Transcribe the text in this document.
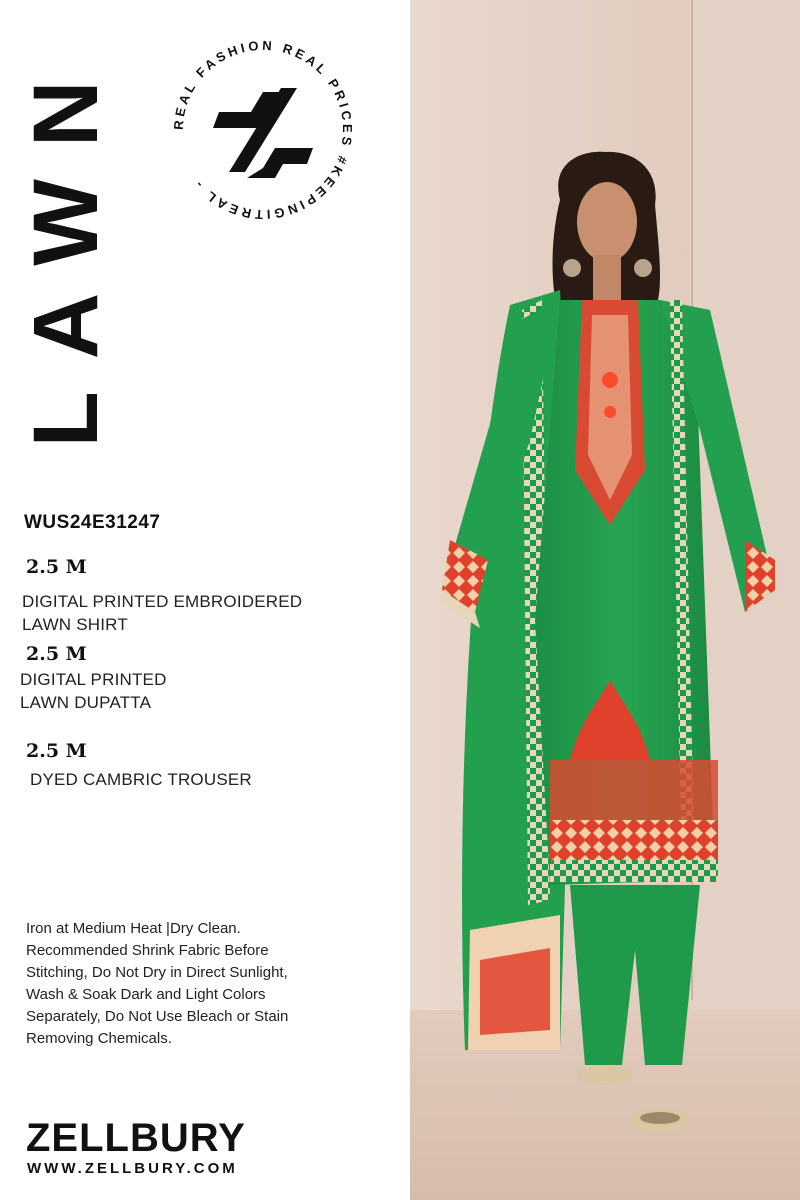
LAWN	REAL FASHION REAL PRICES #KEEPINGITREAL -
WUS24E31247
2.5 M
DIGITAL PRINTED EMBROIDERED
LAWN SHIRT
2.5 M
DIGITAL PRINTED
LAWN DUPATTA
2.5 M
DYED CAMBRIC TROUSER
Iron at Medium Heat |Dry Clean.
Recommended Shrink Fabric Before
Stitching, Do Not Dry in Direct Sunlight,
Wash & Soak Dark and Light Colors
Separately, Do Not Use Bleach or Stain
Removing Chemicals.
ZELLBURY
WWW.ZELLBURY.COM
